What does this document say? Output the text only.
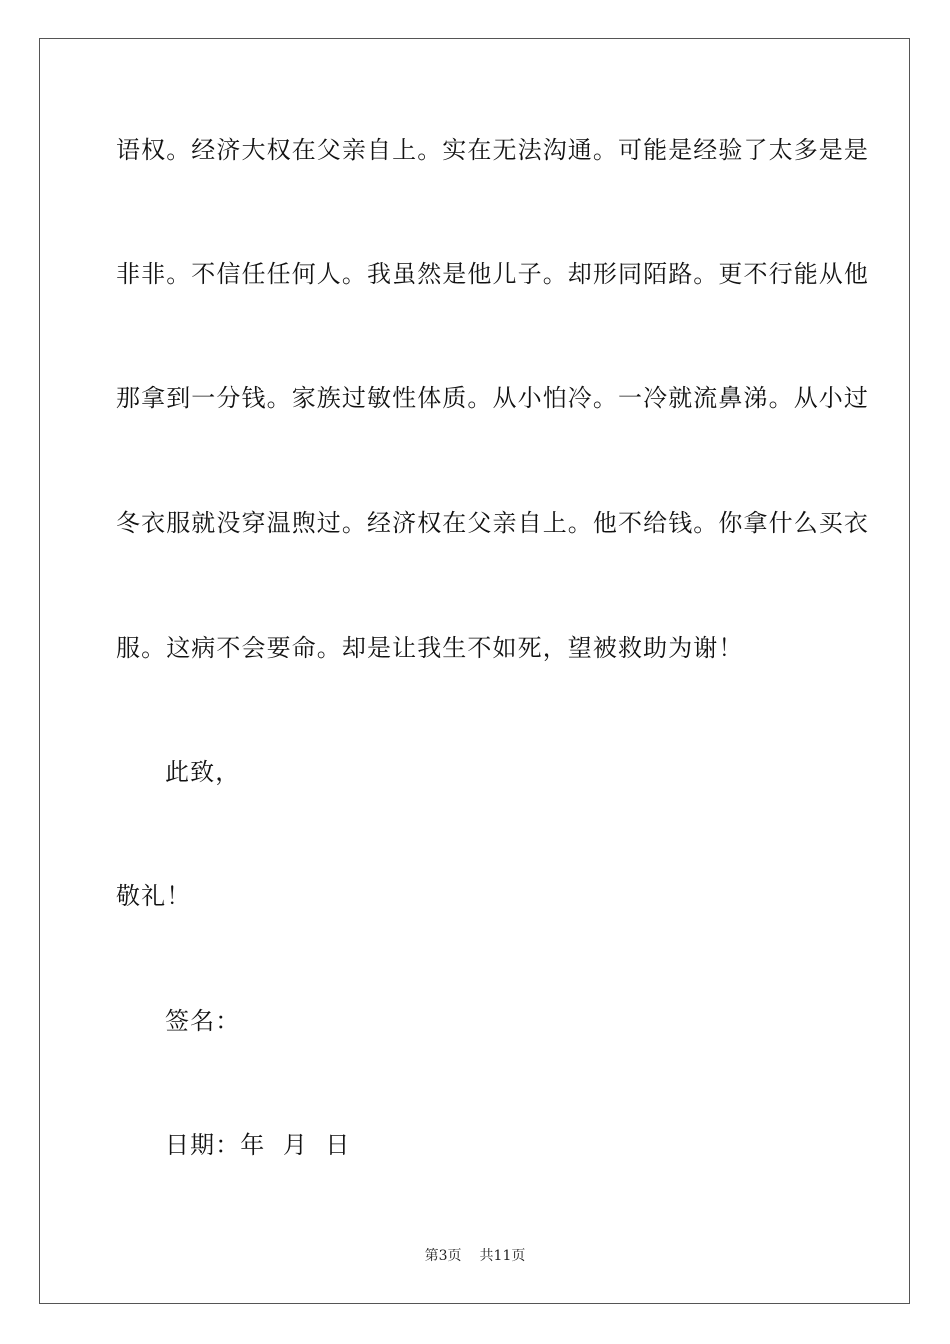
语权。经济大权在父亲自上。实在无法沟通。可能是经验了太多是是
非非。不信任任何人。我虽然是他儿子。却形同陌路。更不行能从他
那拿到一分钱。家族过敏性体质。从小怕冷。一冷就流鼻涕。从小过
冬衣服就没穿温煦过。经济权在父亲自上。他不给钱。你拿什么买衣
服。这病不会要命。却是让我生不如死，望被救助为谢！
此致，
敬礼！
签名：
日期：年  月  日
第3页 共11页
